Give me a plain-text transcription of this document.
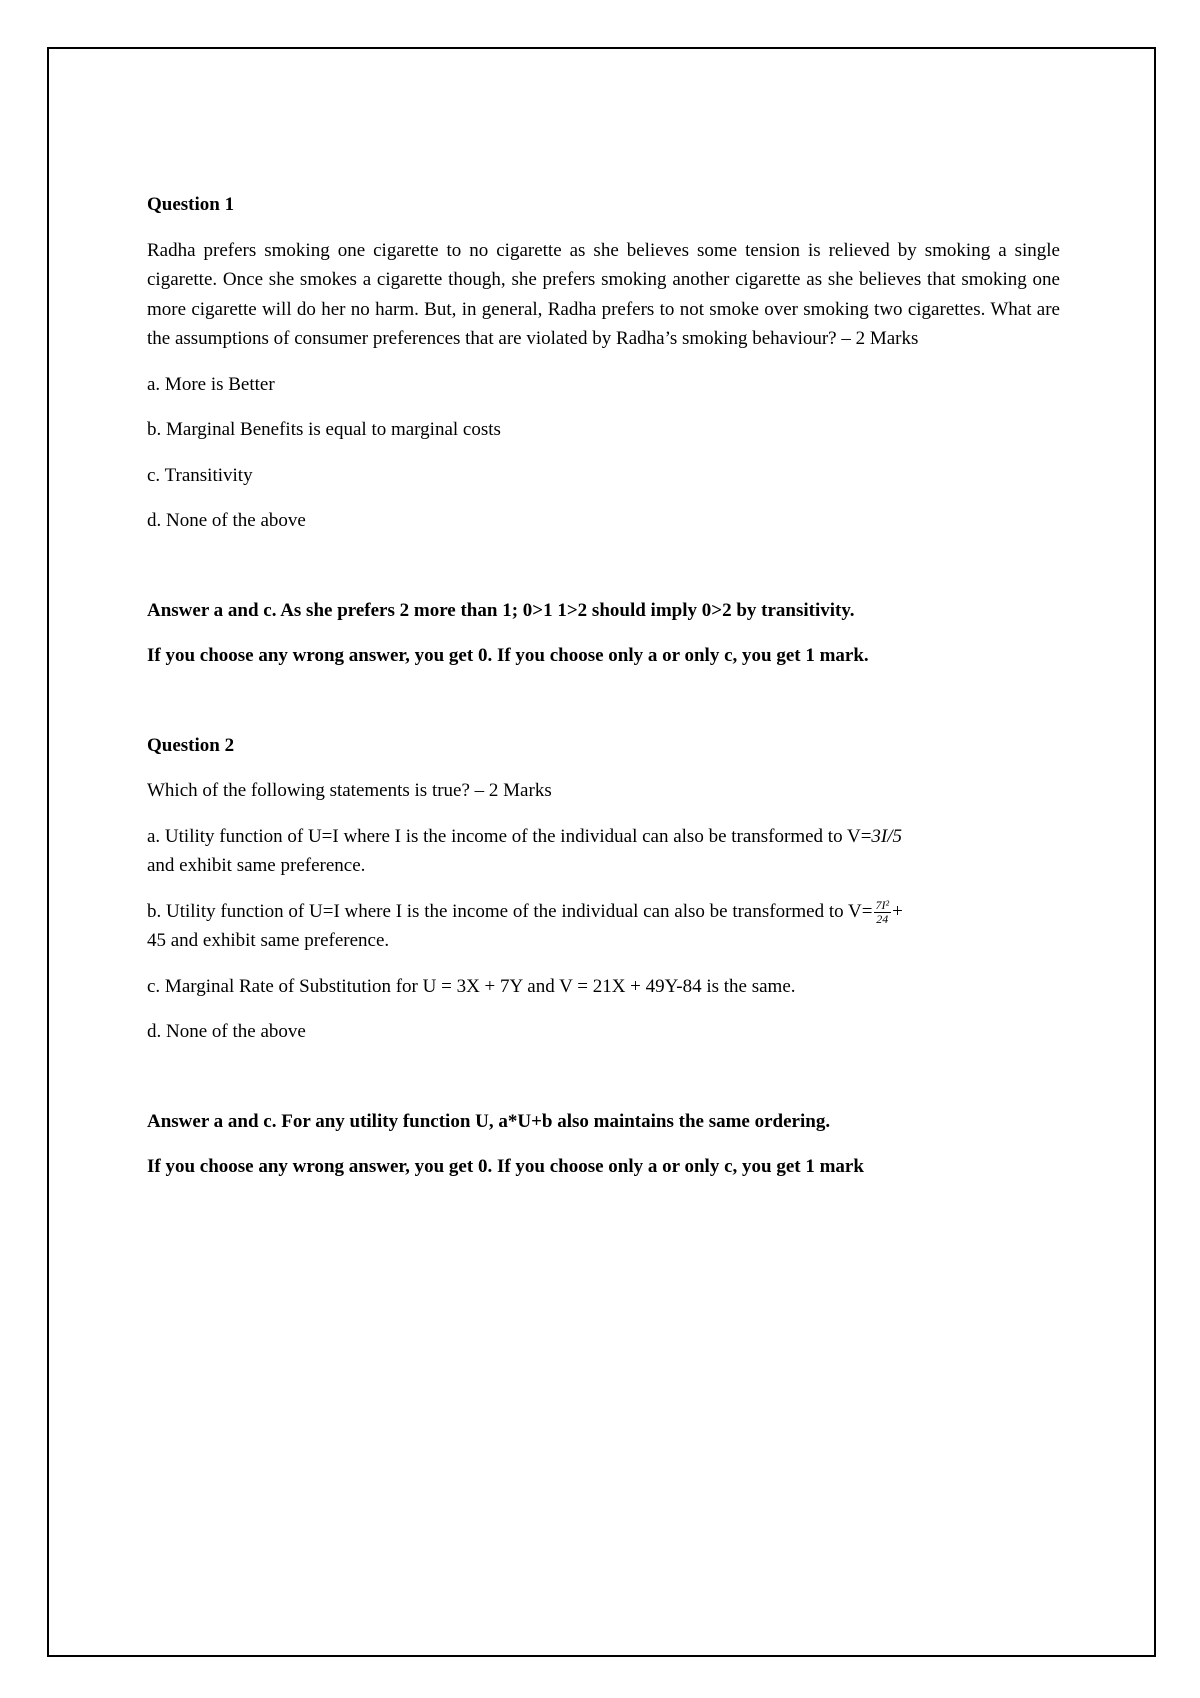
Question 1

Radha prefers smoking one cigarette to no cigarette as she believes some tension is relieved by smoking a single cigarette. Once she smokes a cigarette though, she prefers smoking another cigarette as she believes that smoking one more cigarette will do her no harm. But, in general, Radha prefers to not smoke over smoking two cigarettes. What are the assumptions of consumer preferences that are violated by Radha’s smoking behaviour? – 2 Marks

a. More is Better

b. Marginal Benefits is equal to marginal costs

c. Transitivity

d. None of the above

Answer a and c. As she prefers 2 more than 1; 0>1 1>2 should imply 0>2 by transitivity.

If you choose any wrong answer, you get 0. If you choose only a or only c, you get 1 mark.

Question 2

Which of the following statements is true? – 2 Marks

a. Utility function of U=I where I is the income of the individual can also be transformed to V=3I/5
and exhibit same preference.

b. Utility function of U=I where I is the income of the individual can also be transformed to $V= \frac{\text{7I²}}{24}$ +
45 and exhibit same preference.

c. Marginal Rate of Substitution for U = 3X + 7Y and V = 21X + 49Y-84 is the same.

d. None of the above

Answer a and c. For any utility function U, a*U+b also maintains the same ordering.

If you choose any wrong answer, you get 0. If you choose only a or only c, you get 1 mark
